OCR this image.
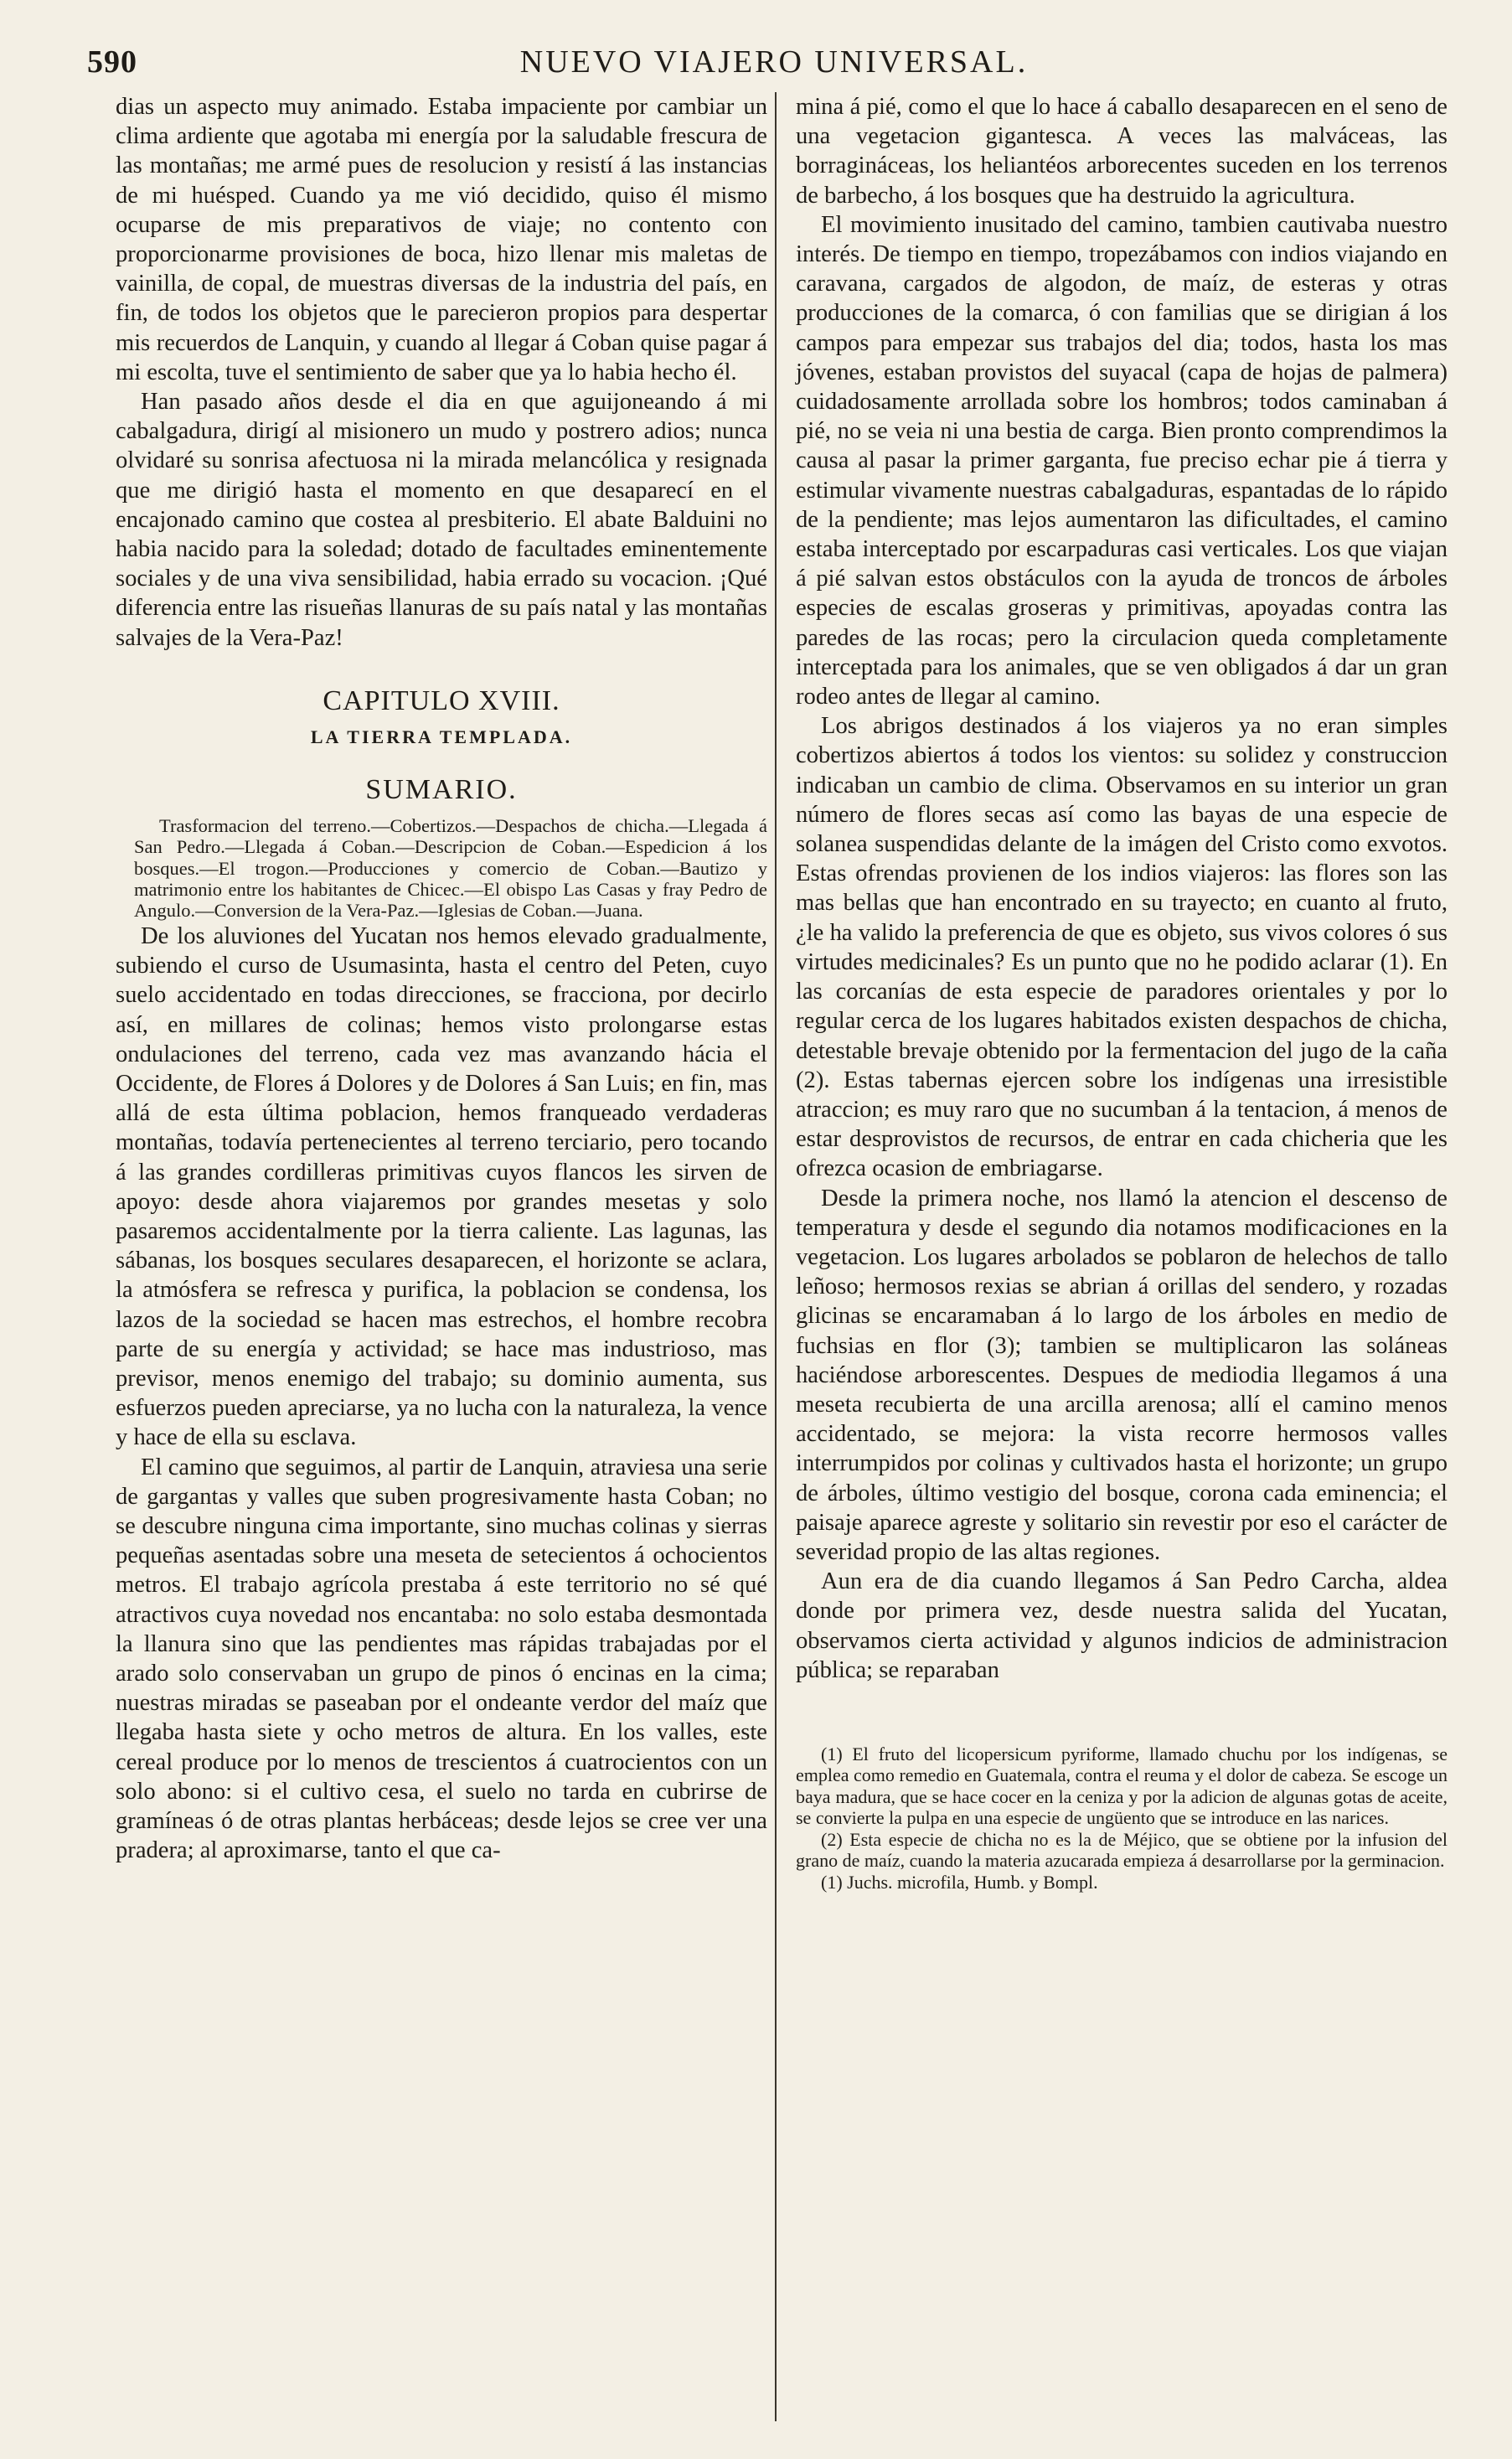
590	NUEVO VIAJERO UNIVERSAL.

dias un aspecto muy animado. Estaba impaciente por cambiar un clima ardiente que agotaba mi energía por la saludable frescura de las montañas; me armé pues de resolucion y resistí á las instancias de mi huésped. Cuando ya me vió decidido, quiso él mismo ocuparse de mis preparativos de viaje; no contento con proporcionarme provisiones de boca, hizo llenar mis maletas de vainilla, de copal, de muestras diversas de la industria del país, en fin, de todos los objetos que le parecieron propios para despertar mis recuerdos de Lanquin, y cuando al llegar á Coban quise pagar á mi escolta, tuve el sentimiento de saber que ya lo habia hecho él.

Han pasado años desde el dia en que aguijoneando á mi cabalgadura, dirigí al misionero un mudo y postrero adios; nunca olvidaré su sonrisa afectuosa ni la mirada melancólica y resignada que me dirigió hasta el momento en que desaparecí en el encajonado camino que costea al presbiterio. El abate Balduini no habia nacido para la soledad; dotado de facultades eminentemente sociales y de una viva sensibilidad, habia errado su vocacion. ¡Qué diferencia entre las risueñas llanuras de su país natal y las montañas salvajes de la Vera-Paz!

CAPITULO XVIII.
LA TIERRA TEMPLADA.
SUMARIO.

Trasformacion del terreno.—Cobertizos.—Despachos de chicha.—Llegada á San Pedro.—Llegada á Coban.—Descripcion de Coban.—Espedicion á los bosques.—El trogon.—Producciones y comercio de Coban.—Bautizo y matrimonio entre los habitantes de Chicec.—El obispo Las Casas y fray Pedro de Angulo.—Conversion de la Vera-Paz.—Iglesias de Coban.—Juana.

De los aluviones del Yucatan nos hemos elevado gradualmente, subiendo el curso de Usumasinta, hasta el centro del Peten, cuyo suelo accidentado en todas direcciones, se fracciona, por decirlo así, en millares de colinas; hemos visto prolongarse estas ondulaciones del terreno, cada vez mas avanzando hácia el Occidente, de Flores á Dolores y de Dolores á San Luis; en fin, mas allá de esta última poblacion, hemos franqueado verdaderas montañas, todavía pertenecientes al terreno terciario, pero tocando á las grandes cordilleras primitivas cuyos flancos les sirven de apoyo: desde ahora viajaremos por grandes mesetas y solo pasaremos accidentalmente por la tierra caliente. Las lagunas, las sábanas, los bosques seculares desaparecen, el horizonte se aclara, la atmósfera se refresca y purifica, la poblacion se condensa, los lazos de la sociedad se hacen mas estrechos, el hombre recobra parte de su energía y actividad; se hace mas industrioso, mas previsor, menos enemigo del trabajo; su dominio aumenta, sus esfuerzos pueden apreciarse, ya no lucha con la naturaleza, la vence y hace de ella su esclava.

El camino que seguimos, al partir de Lanquin, atraviesa una serie de gargantas y valles que suben progresivamente hasta Coban; no se descubre ninguna cima importante, sino muchas colinas y sierras pequeñas asentadas sobre una meseta de setecientos á ochocientos metros. El trabajo agrícola prestaba á este territorio no sé qué atractivos cuya novedad nos encantaba: no solo estaba desmontada la llanura sino que las pendientes mas rápidas trabajadas por el arado solo conservaban un grupo de pinos ó encinas en la cima; nuestras miradas se paseaban por el ondeante verdor del maíz que llegaba hasta siete y ocho metros de altura. En los valles, este cereal produce por lo menos de trescientos á cuatrocientos con un solo abono: si el cultivo cesa, el suelo no tarda en cubrirse de gramíneas ó de otras plantas herbáceas; desde lejos se cree ver una pradera; al aproximarse, tanto el que ca-

mina á pié, como el que lo hace á caballo desaparecen en el seno de una vegetacion gigantesca. A veces las malváceas, las borragináceas, los heliantéos arborecentes suceden en los terrenos de barbecho, á los bosques que ha destruido la agricultura.

El movimiento inusitado del camino, tambien cautivaba nuestro interés. De tiempo en tiempo, tropezábamos con indios viajando en caravana, cargados de algodon, de maíz, de esteras y otras producciones de la comarca, ó con familias que se dirigian á los campos para empezar sus trabajos del dia; todos, hasta los mas jóvenes, estaban provistos del suyacal (capa de hojas de palmera) cuidadosamente arrollada sobre los hombros; todos caminaban á pié, no se veia ni una bestia de carga. Bien pronto comprendimos la causa al pasar la primer garganta, fue preciso echar pie á tierra y estimular vivamente nuestras cabalgaduras, espantadas de lo rápido de la pendiente; mas lejos aumentaron las dificultades, el camino estaba interceptado por escarpaduras casi verticales. Los que viajan á pié salvan estos obstáculos con la ayuda de troncos de árboles especies de escalas groseras y primitivas, apoyadas contra las paredes de las rocas; pero la circulacion queda completamente interceptada para los animales, que se ven obligados á dar un gran rodeo antes de llegar al camino.

Los abrigos destinados á los viajeros ya no eran simples cobertizos abiertos á todos los vientos: su solidez y construccion indicaban un cambio de clima. Observamos en su interior un gran número de flores secas así como las bayas de una especie de solanea suspendidas delante de la imágen del Cristo como exvotos. Estas ofrendas provienen de los indios viajeros: las flores son las mas bellas que han encontrado en su trayecto; en cuanto al fruto, ¿le ha valido la preferencia de que es objeto, sus vivos colores ó sus virtudes medicinales? Es un punto que no he podido aclarar (1). En las corcanías de esta especie de paradores orientales y por lo regular cerca de los lugares habitados existen despachos de chicha, detestable brevaje obtenido por la fermentacion del jugo de la caña (2). Estas tabernas ejercen sobre los indígenas una irresistible atraccion; es muy raro que no sucumban á la tentacion, á menos de estar desprovistos de recursos, de entrar en cada chicheria que les ofrezca ocasion de embriagarse.

Desde la primera noche, nos llamó la atencion el descenso de temperatura y desde el segundo dia notamos modificaciones en la vegetacion. Los lugares arbolados se poblaron de helechos de tallo leñoso; hermosos rexias se abrian á orillas del sendero, y rozadas glicinas se encaramaban á lo largo de los árboles en medio de fuchsias en flor (3); tambien se multiplicaron las soláneas haciéndose arborescentes. Despues de mediodia llegamos á una meseta recubierta de una arcilla arenosa; allí el camino menos accidentado, se mejora: la vista recorre hermosos valles interrumpidos por colinas y cultivados hasta el horizonte; un grupo de árboles, último vestigio del bosque, corona cada eminencia; el paisaje aparece agreste y solitario sin revestir por eso el carácter de severidad propio de las altas regiones.

Aun era de dia cuando llegamos á San Pedro Carcha, aldea donde por primera vez, desde nuestra salida del Yucatan, observamos cierta actividad y algunos indicios de administracion pública; se reparaban

(1) El fruto del licopersicum pyriforme, llamado chuchu por los indígenas, se emplea como remedio en Guatemala, contra el reuma y el dolor de cabeza. Se escoge un baya madura, que se hace cocer en la ceniza y por la adicion de algunas gotas de aceite, se convierte la pulpa en una especie de ungüento que se introduce en las narices.

(2) Esta especie de chicha no es la de Méjico, que se obtiene por la infusion del grano de maíz, cuando la materia azucarada empieza á desarrollarse por la germinacion.

(1) Juchs. microfila, Humb. y Bompl.
